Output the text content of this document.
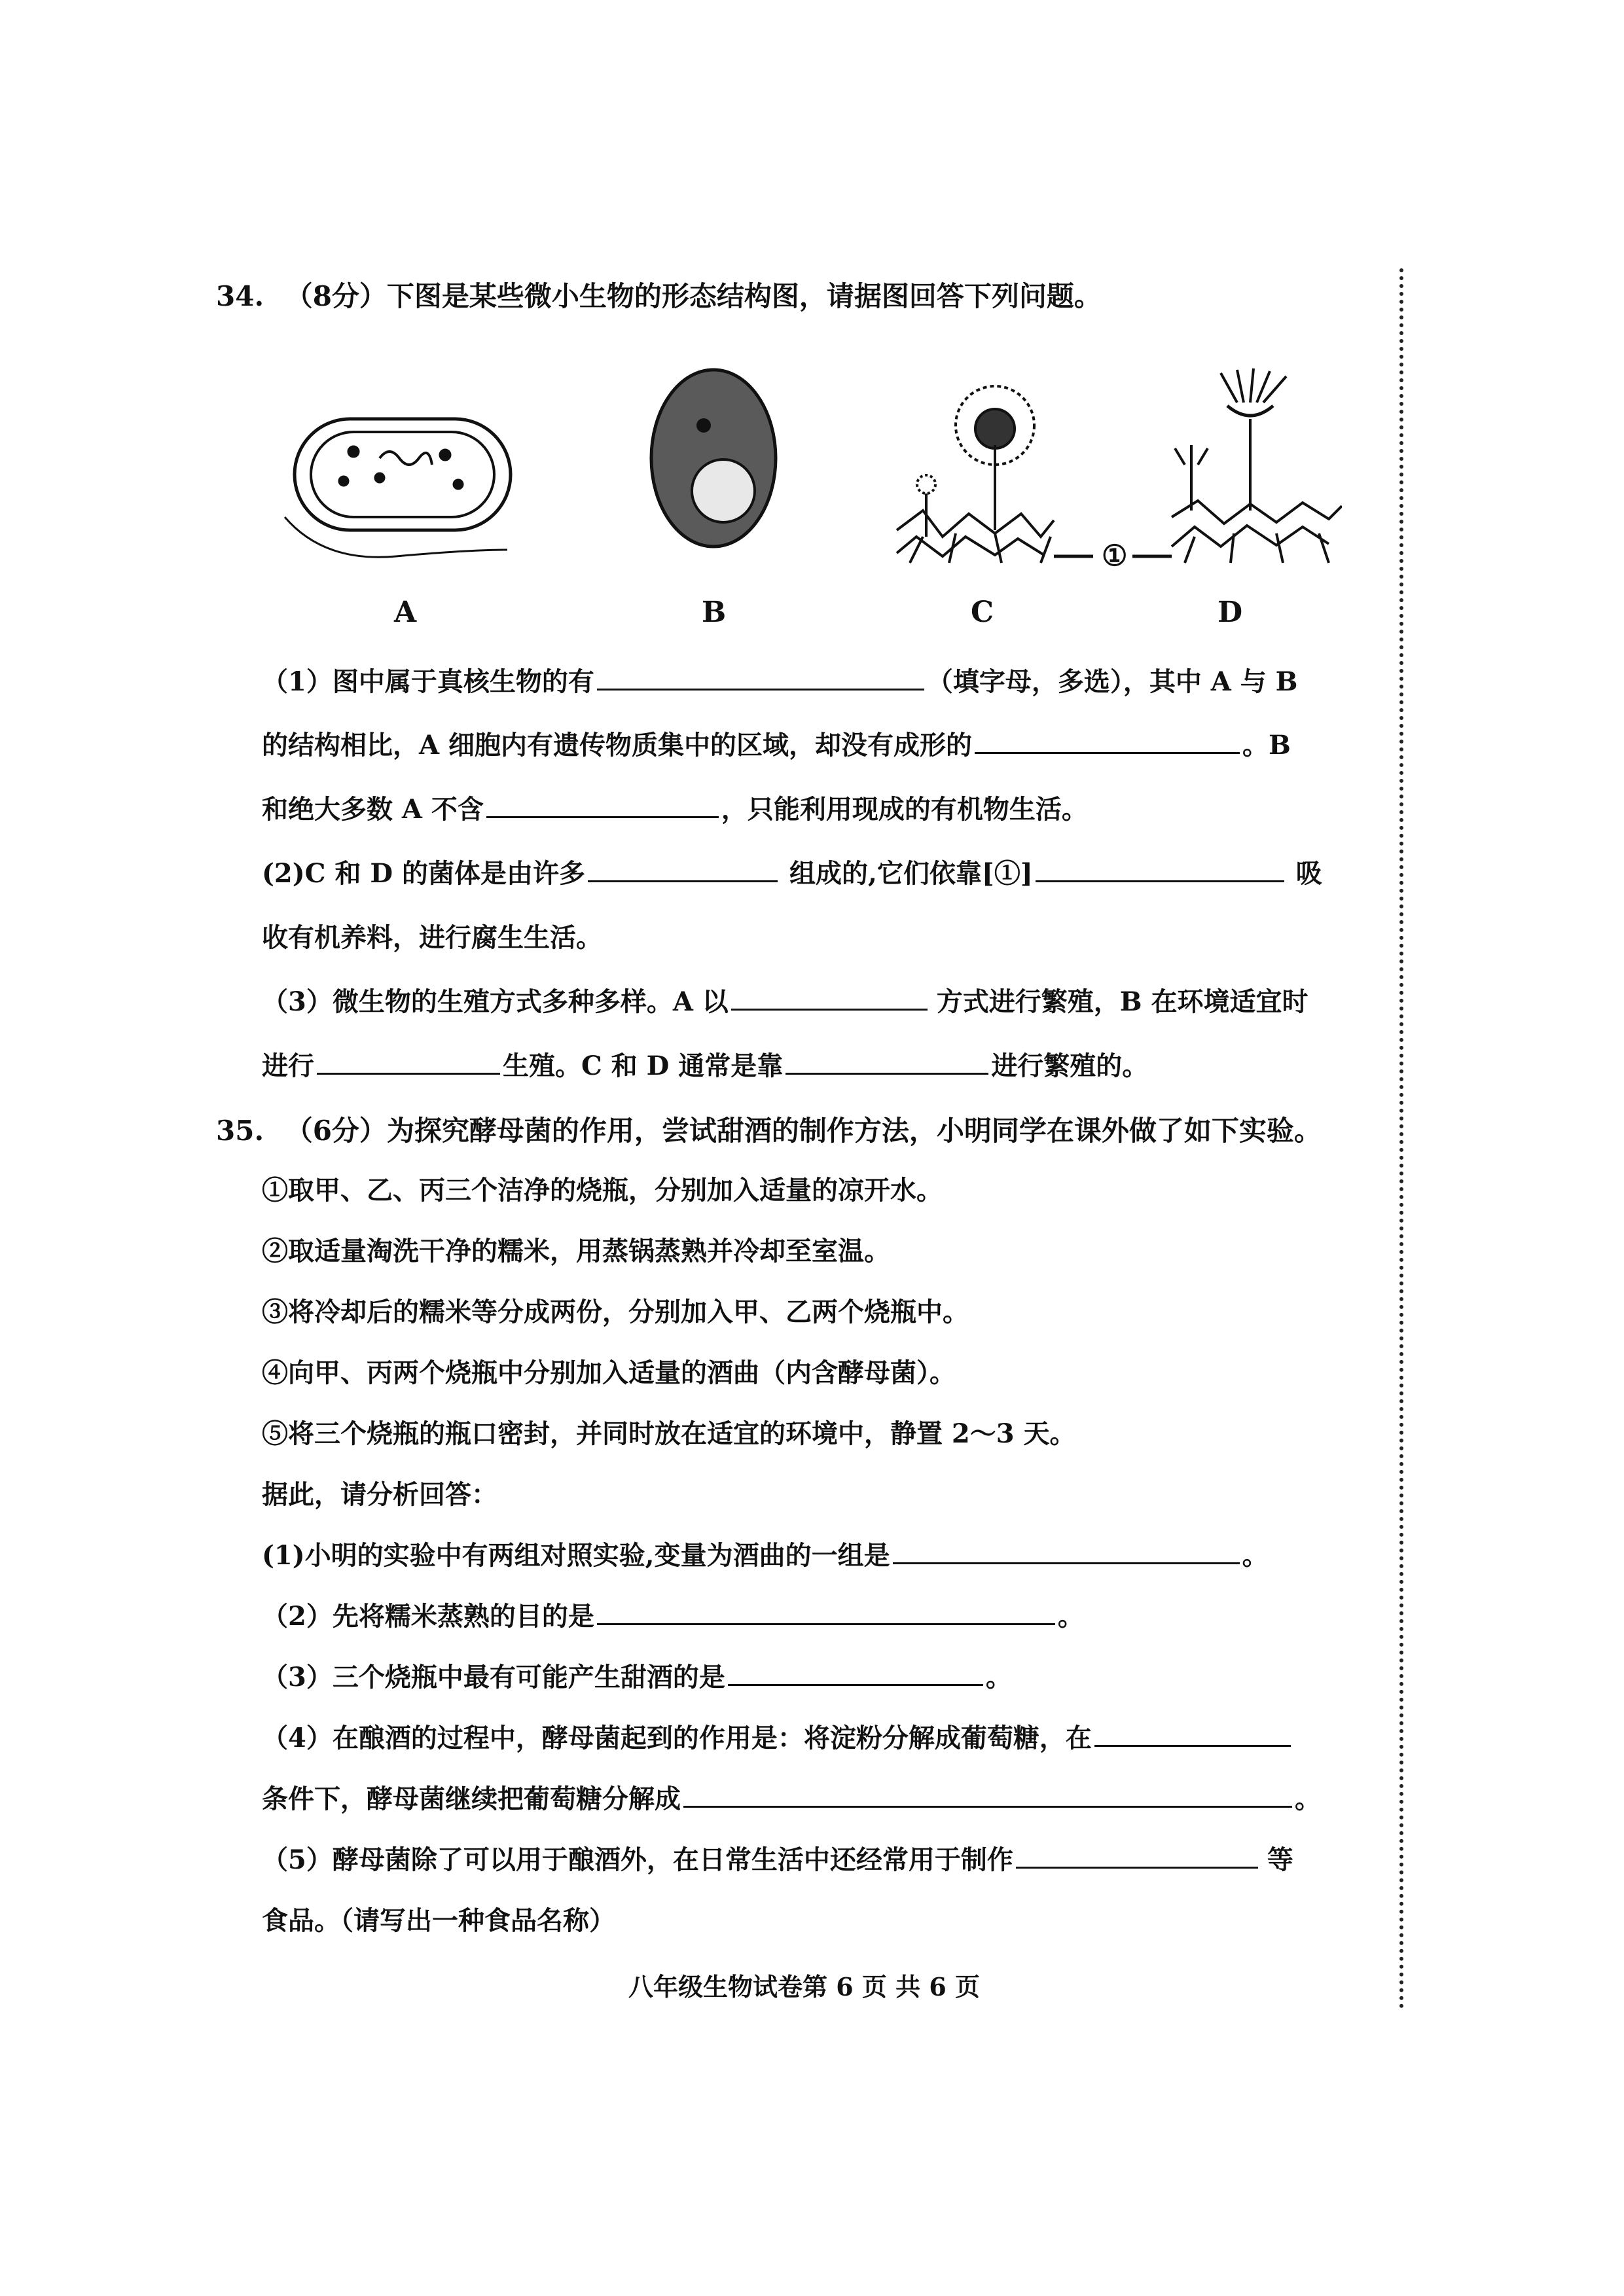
34. （8分）下图是某些微小生物的形态结构图，请据图回答下列问题。
①
A	B	C	D
（1）图中属于真核生物的有	（填字母，多选），其中 A 与 B
的结构相比，A 细胞内有遗传物质集中的区域，却没有成形的	。B
和绝大多数 A 不含	，只能利用现成的有机物生活。
(2)C 和 D 的菌体是由许多	组成的,它们依靠[①]	吸
收有机养料，进行腐生生活。
（3）微生物的生殖方式多种多样。A 以	方式进行繁殖，B 在环境适宜时
进行	生殖。C 和 D 通常是靠	进行繁殖的。
35. （6分）为探究酵母菌的作用，尝试甜酒的制作方法，小明同学在课外做了如下实验。
①取甲、乙、丙三个洁净的烧瓶，分别加入适量的凉开水。
②取适量淘洗干净的糯米，用蒸锅蒸熟并冷却至室温。
③将冷却后的糯米等分成两份，分别加入甲、乙两个烧瓶中。
④向甲、丙两个烧瓶中分别加入适量的酒曲（内含酵母菌）。
⑤将三个烧瓶的瓶口密封，并同时放在适宜的环境中，静置 2～3 天。
据此，请分析回答：
(1)小明的实验中有两组对照实验,变量为酒曲的一组是	。
（2）先将糯米蒸熟的目的是	。
（3）三个烧瓶中最有可能产生甜酒的是	。
（4）在酿酒的过程中，酵母菌起到的作用是：将淀粉分解成葡萄糖，在
条件下，酵母菌继续把葡萄糖分解成	。
（5）酵母菌除了可以用于酿酒外，在日常生活中还经常用于制作	等
食品。（请写出一种食品名称）
八年级生物试卷第 6 页 共 6 页
